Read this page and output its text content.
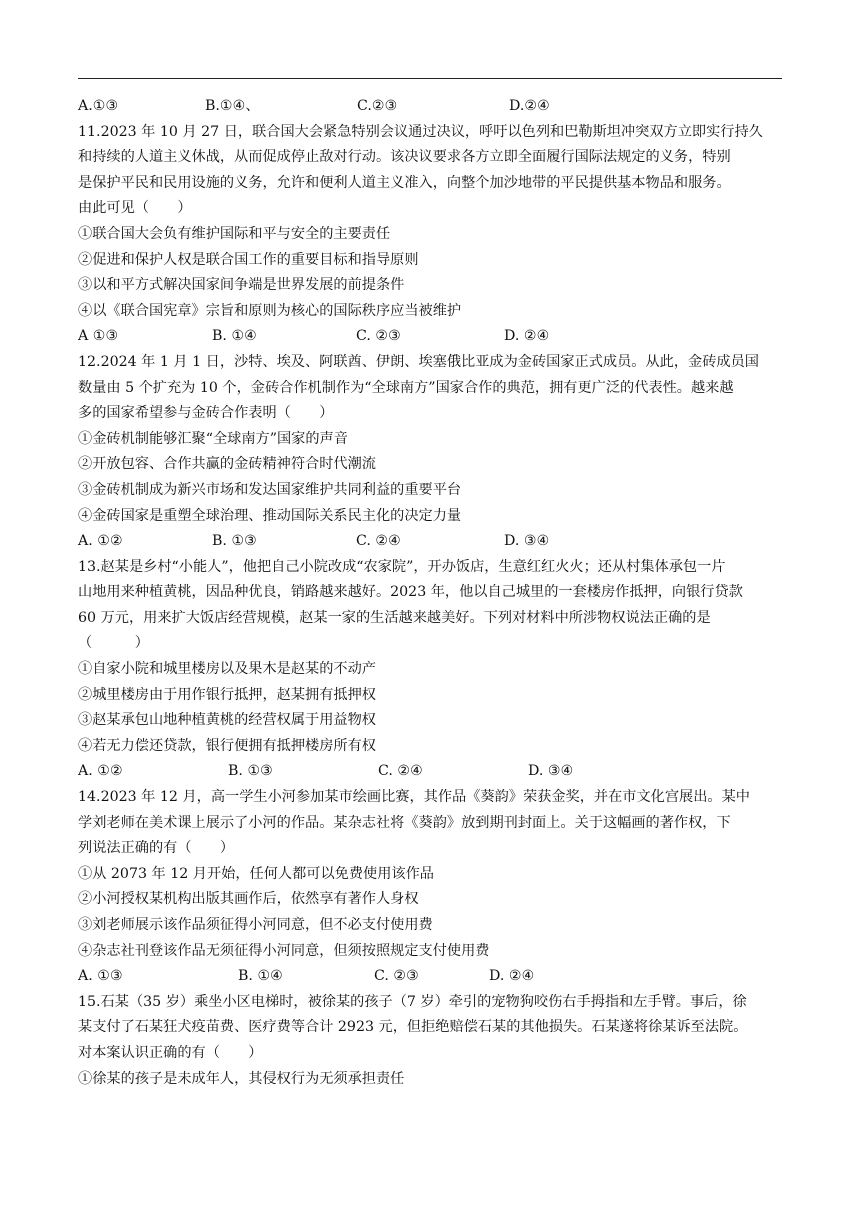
A.①③	B.①④、	C.②③	D.②④
11.2023 年 10 月 27 日，联合国大会紧急特别会议通过决议，呼吁以色列和巴勒斯坦冲突双方立即实行持久
和持续的人道主义休战，从而促成停止敌对行动。该决议要求各方立即全面履行国际法规定的义务，特别
是保护平民和民用设施的义务，允许和便利人道主义准入，向整个加沙地带的平民提供基本物品和服务。
由此可见（　　）
①联合国大会负有维护国际和平与安全的主要责任
②促进和保护人权是联合国工作的重要目标和指导原则
③以和平方式解决国家间争端是世界发展的前提条件
④以《联合国宪章》宗旨和原则为核心的国际秩序应当被维护
A ①③	B. ①④	C. ②③	D. ②④
12.2024 年 1 月 1 日，沙特、埃及、阿联酋、伊朗、埃塞俄比亚成为金砖国家正式成员。从此，金砖成员国
数量由 5 个扩充为 10 个，金砖合作机制作为“全球南方”国家合作的典范，拥有更广泛的代表性。越来越
多的国家希望参与金砖合作表明（　　）
①金砖机制能够汇聚“全球南方”国家的声音
②开放包容、合作共赢的金砖精神符合时代潮流
③金砖机制成为新兴市场和发达国家维护共同利益的重要平台
④金砖国家是重塑全球治理、推动国际关系民主化的决定力量
A. ①②	B. ①③	C. ②④	D. ③④
13.赵某是乡村“小能人”，他把自己小院改成“农家院”，开办饭店，生意红红火火；还从村集体承包一片
山地用来种植黄桃，因品种优良，销路越来越好。2023 年，他以自己城里的一套楼房作抵押，向银行贷款
60 万元，用来扩大饭店经营规模，赵某一家的生活越来越美好。下列对材料中所涉物权说法正确的是
（　　　）
①自家小院和城里楼房以及果木是赵某的不动产
②城里楼房由于用作银行抵押，赵某拥有抵押权
③赵某承包山地种植黄桃的经营权属于用益物权
④若无力偿还贷款，银行便拥有抵押楼房所有权
A. ①②	B. ①③	C. ②④	D. ③④
14.2023 年 12 月，高一学生小河参加某市绘画比赛，其作品《葵韵》荣获金奖，并在市文化宫展出。某中
学刘老师在美术课上展示了小河的作品。某杂志社将《葵韵》放到期刊封面上。关于这幅画的著作权，下
列说法正确的有（　　）
①从 2073 年 12 月开始，任何人都可以免费使用该作品
②小河授权某机构出版其画作后，依然享有著作人身权
③刘老师展示该作品须征得小河同意，但不必支付使用费
④杂志社刊登该作品无须征得小河同意，但须按照规定支付使用费
A. ①③	B. ①④	C. ②③	D. ②④
15.石某（35 岁）乘坐小区电梯时，被徐某的孩子（7 岁）牵引的宠物狗咬伤右手拇指和左手臂。事后，徐
某支付了石某狂犬疫苗费、医疗费等合计 2923 元，但拒绝赔偿石某的其他损失。石某遂将徐某诉至法院。
对本案认识正确的有（　　）
①徐某的孩子是未成年人，其侵权行为无须承担责任
